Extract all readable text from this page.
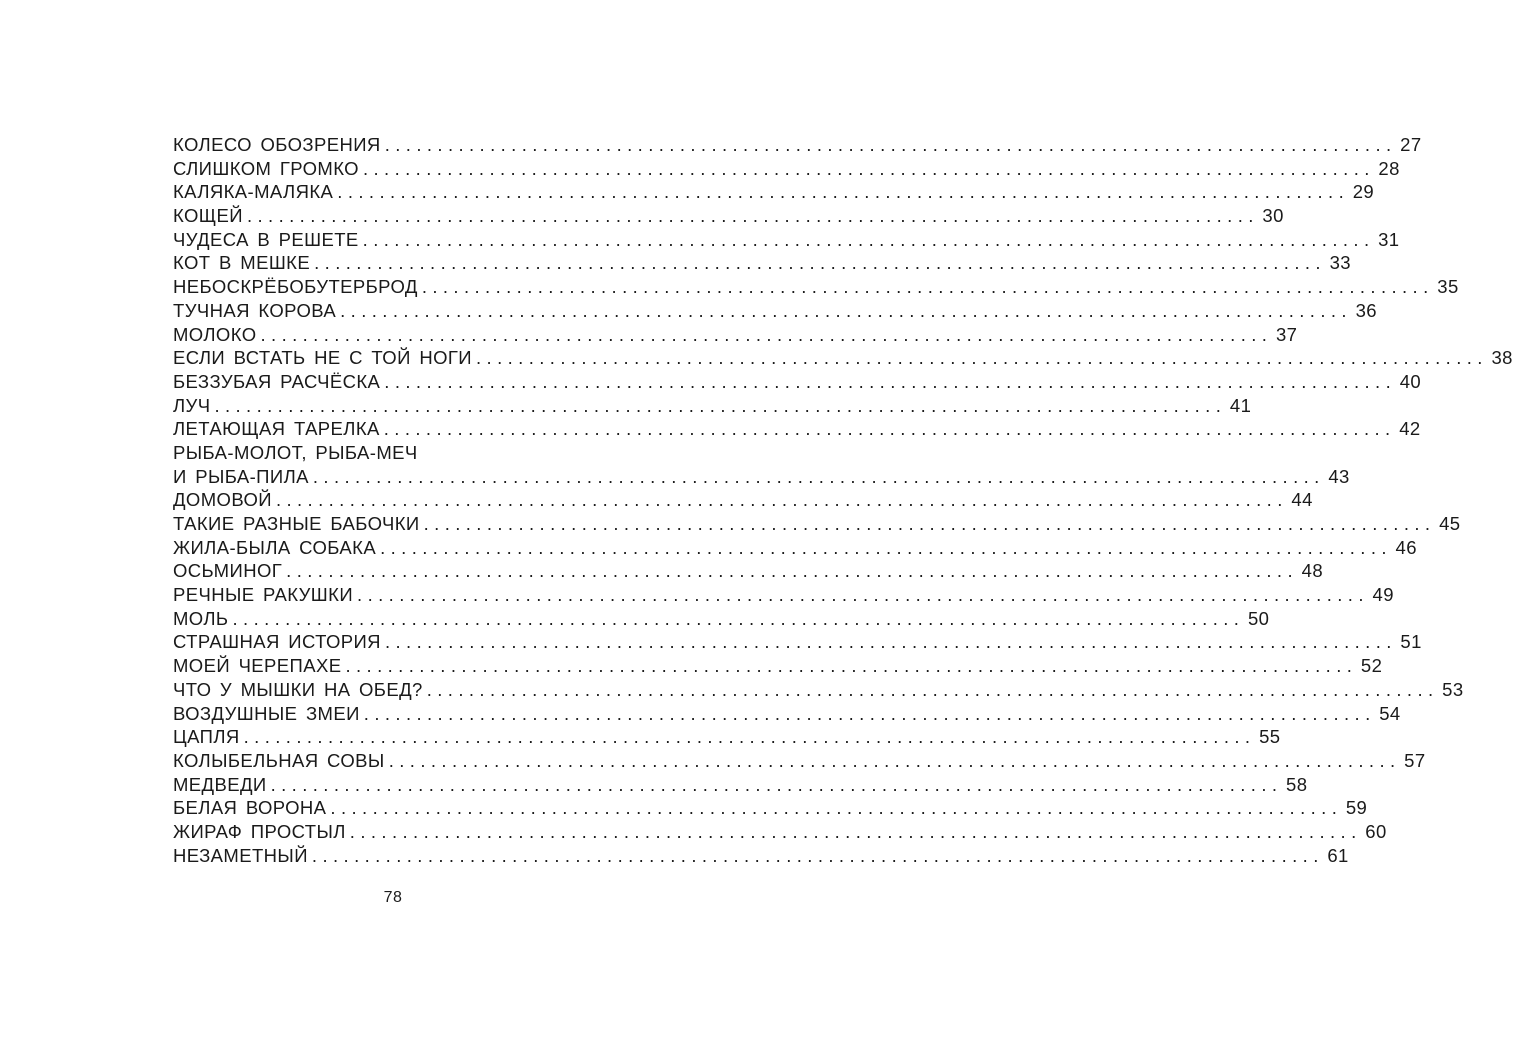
КОЛЕСО ОБОЗРЕНИЯ ................................................................................................ 27
СЛИШКОМ ГРОМКО ................................................................................................ 28
КАЛЯКА-МАЛЯКА ................................................................................................ 29
КОЩЕЙ ................................................................................................ 30
ЧУДЕСА В РЕШЕТЕ ................................................................................................ 31
КОТ В МЕШКЕ ................................................................................................ 33
НЕБОСКРЁБОБУТЕРБРОД ................................................................................................ 35
ТУЧНАЯ КОРОВА ................................................................................................ 36
МОЛОКО ................................................................................................ 37
ЕСЛИ ВСТАТЬ НЕ С ТОЙ НОГИ ................................................................................................ 38
БЕЗЗУБАЯ РАСЧЁСКА ................................................................................................ 40
ЛУЧ ................................................................................................ 41
ЛЕТАЮЩАЯ ТАРЕЛКА ................................................................................................ 42
РЫБА-МОЛОТ, РЫБА-МЕЧ
И РЫБА-ПИЛА ................................................................................................ 43
ДОМОВОЙ ................................................................................................ 44
ТАКИЕ РАЗНЫЕ БАБОЧКИ ................................................................................................ 45
ЖИЛА-БЫЛА СОБАКА ................................................................................................ 46
ОСЬМИНОГ ................................................................................................ 48
РЕЧНЫЕ РАКУШКИ ................................................................................................ 49
МОЛЬ ................................................................................................ 50
СТРАШНАЯ ИСТОРИЯ ................................................................................................ 51
МОЕЙ ЧЕРЕПАХЕ ................................................................................................ 52
ЧТО У МЫШКИ НА ОБЕД? ................................................................................................ 53
ВОЗДУШНЫЕ ЗМЕИ ................................................................................................ 54
ЦАПЛЯ ................................................................................................ 55
КОЛЫБЕЛЬНАЯ СОВЫ ................................................................................................ 57
МЕДВЕДИ ................................................................................................ 58
БЕЛАЯ ВОРОНА ................................................................................................ 59
ЖИРАФ ПРОСТЫЛ ................................................................................................ 60
НЕЗАМЕТНЫЙ ................................................................................................ 61
78
